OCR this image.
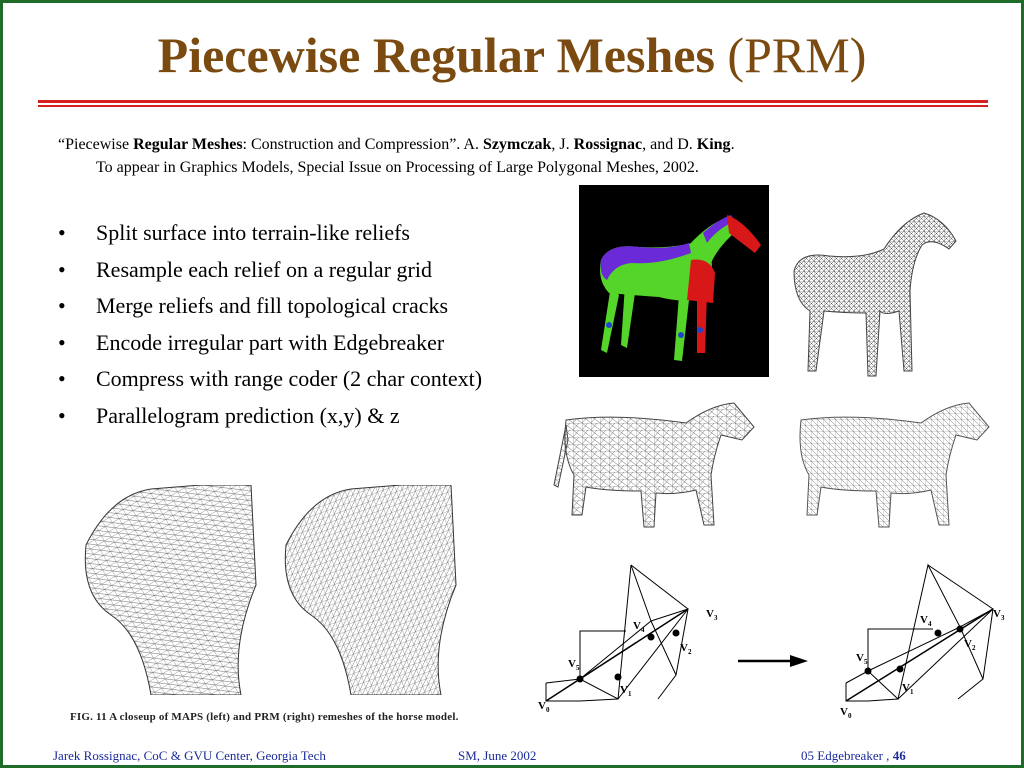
Piecewise Regular Meshes (PRM)
“Piecewise Regular Meshes: Construction and Compression”. A. Szymczak, J. Rossignac, and D. King.
To appear in Graphics Models, Special Issue on Processing of Large Polygonal Meshes, 2002.
• Split surface into terrain-like reliefs
• Resample each relief on a regular grid
• Merge reliefs and fill topological cracks
• Encode irregular part with Edgebreaker
• Compress with range coder (2 char context)
• Parallelogram prediction (x,y) & z
FIG. 11 A closeup of MAPS (left) and PRM (right) remeshes of the horse model.
$V_0$
$V_1$
$V_2$
$V_3$
$V_4$
$V_5$
$V_0$
$V_1$
$V_2$
$V_3$
$V_4$
$V_5$
Jarek Rossignac, CoC & GVU Center, Georgia Tech	SM, June 2002	05 Edgebreaker , 46
